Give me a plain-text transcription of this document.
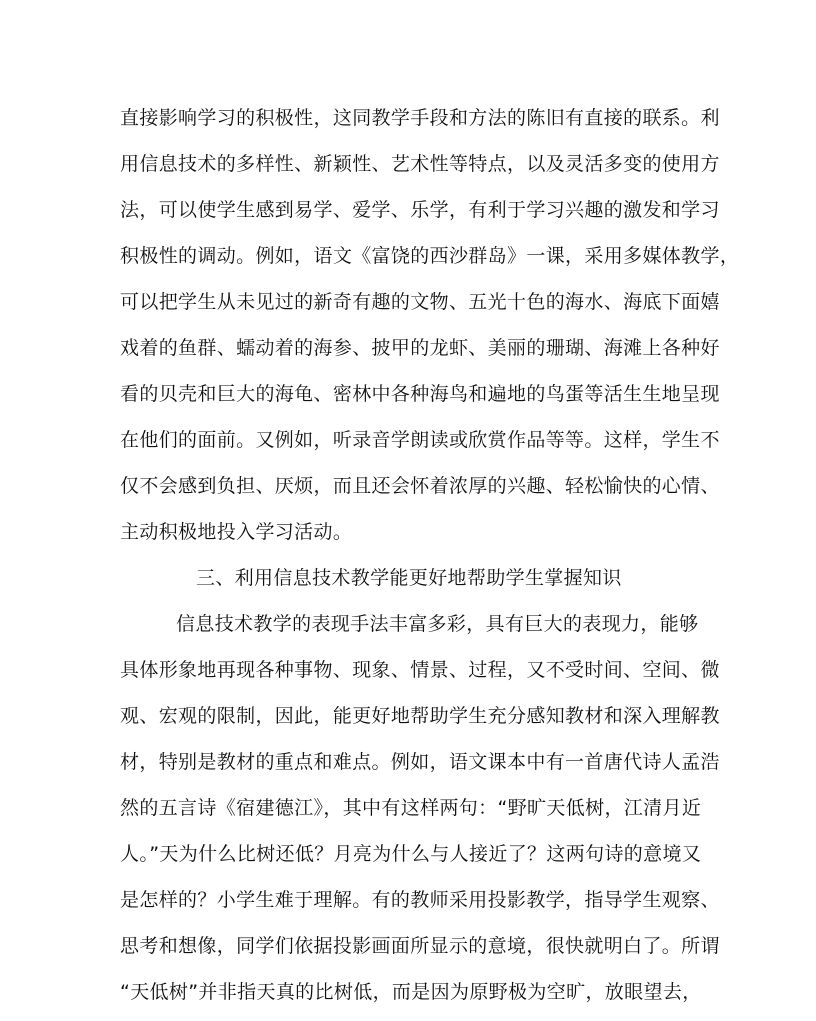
直接影响学习的积极性，这同教学手段和方法的陈旧有直接的联系。利
用信息技术的多样性、新颖性、艺术性等特点，以及灵活多变的使用方
法，可以使学生感到易学、爱学、乐学，有利于学习兴趣的激发和学习
积极性的调动。例如，语文《富饶的西沙群岛》一课，采用多媒体教学，
可以把学生从未见过的新奇有趣的文物、五光十色的海水、海底下面嬉
戏着的鱼群、蠕动着的海参、披甲的龙虾、美丽的珊瑚、海滩上各种好
看的贝壳和巨大的海龟、密林中各种海鸟和遍地的鸟蛋等活生生地呈现
在他们的面前。又例如，听录音学朗读或欣赏作品等等。这样，学生不
仅不会感到负担、厌烦，而且还会怀着浓厚的兴趣、轻松愉快的心情、
主动积极地投入学习活动。
三、利用信息技术教学能更好地帮助学生掌握知识
信息技术教学的表现手法丰富多彩，具有巨大的表现力，能够
具体形象地再现各种事物、现象、情景、过程，又不受时间、空间、微
观、宏观的限制，因此，能更好地帮助学生充分感知教材和深入理解教
材，特别是教材的重点和难点。例如，语文课本中有一首唐代诗人孟浩
然的五言诗《宿建德江》，其中有这样两句：“野旷天低树，江清月近
人。”天为什么比树还低？月亮为什么与人接近了？这两句诗的意境又
是怎样的？小学生难于理解。有的教师采用投影教学，指导学生观察、
思考和想像，同学们依据投影画面所显示的意境，很快就明白了。所谓
“天低树”并非指天真的比树低，而是因为原野极为空旷，放眼望去，
